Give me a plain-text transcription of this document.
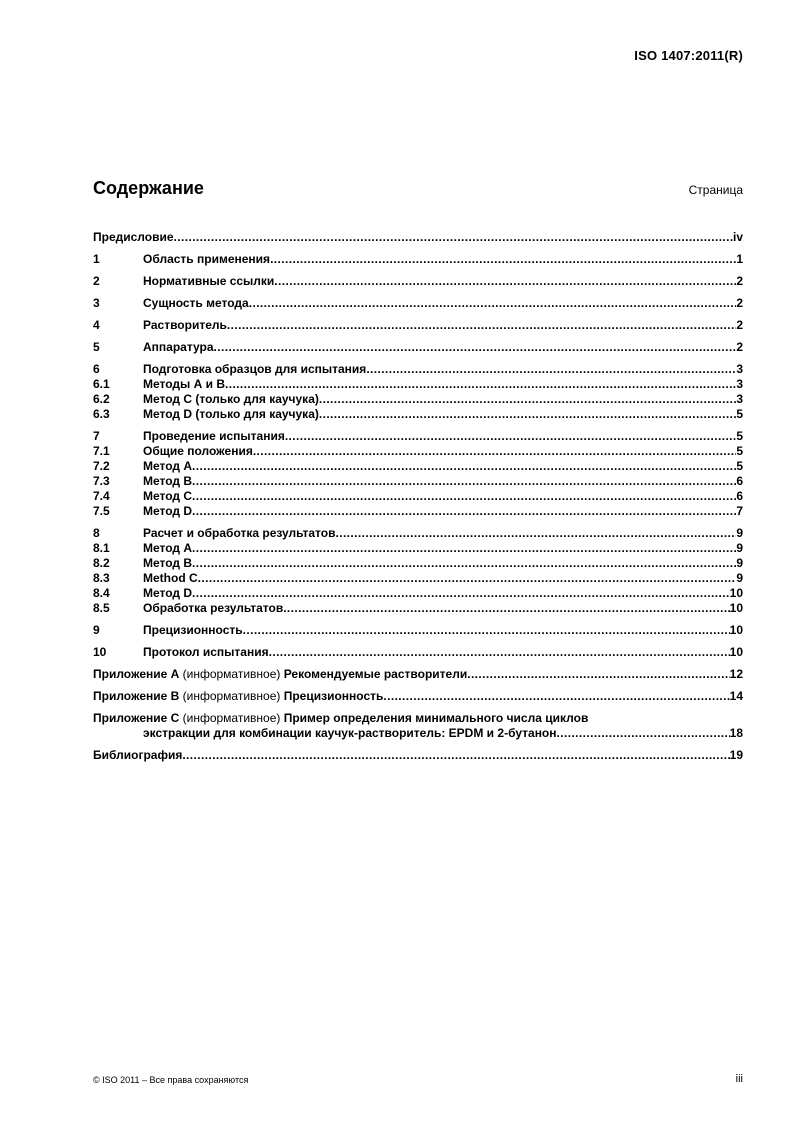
ISO 1407:2011(R)
Содержание	Страница
Предисловие .....	iv
1	Область применения .....	1
2	Нормативные ссылки .....	2
3	Сущность метода .....	2
4	Растворитель .....	2
5	Аппаратура .....	2
6	Подготовка образцов для испытания .....	3
6.1	Методы А и В .....	3
6.2	Метод С (только для каучука) .....	3
6.3	Метод D (только для каучука) .....	5
7	Проведение испытания .....	5
7.1	Общие положения .....	5
7.2	Метод А .....	5
7.3	Метод В .....	6
7.4	Метод С .....	6
7.5	Метод D .....	7
8	Расчет и обработка результатов .....	9
8.1	Метод А .....	9
8.2	Метод В .....	9
8.3	Method C .....	9
8.4	Метод D .....	10
8.5	Обработка результатов .....	10
9	Прецизионность .....	10
10	Протокол испытания .....	10
Приложение А (информативное) Рекомендуемые растворители .....	12
Приложение В (информативное) Прецизионность .....	14
Приложение С (информативное) Пример определения минимального числа циклов
экстракции для комбинации каучук-растворитель: EPDM и 2-бутанон .....	18
Библиография .....	19
© ISO 2011 – Все права сохраняются	iii
